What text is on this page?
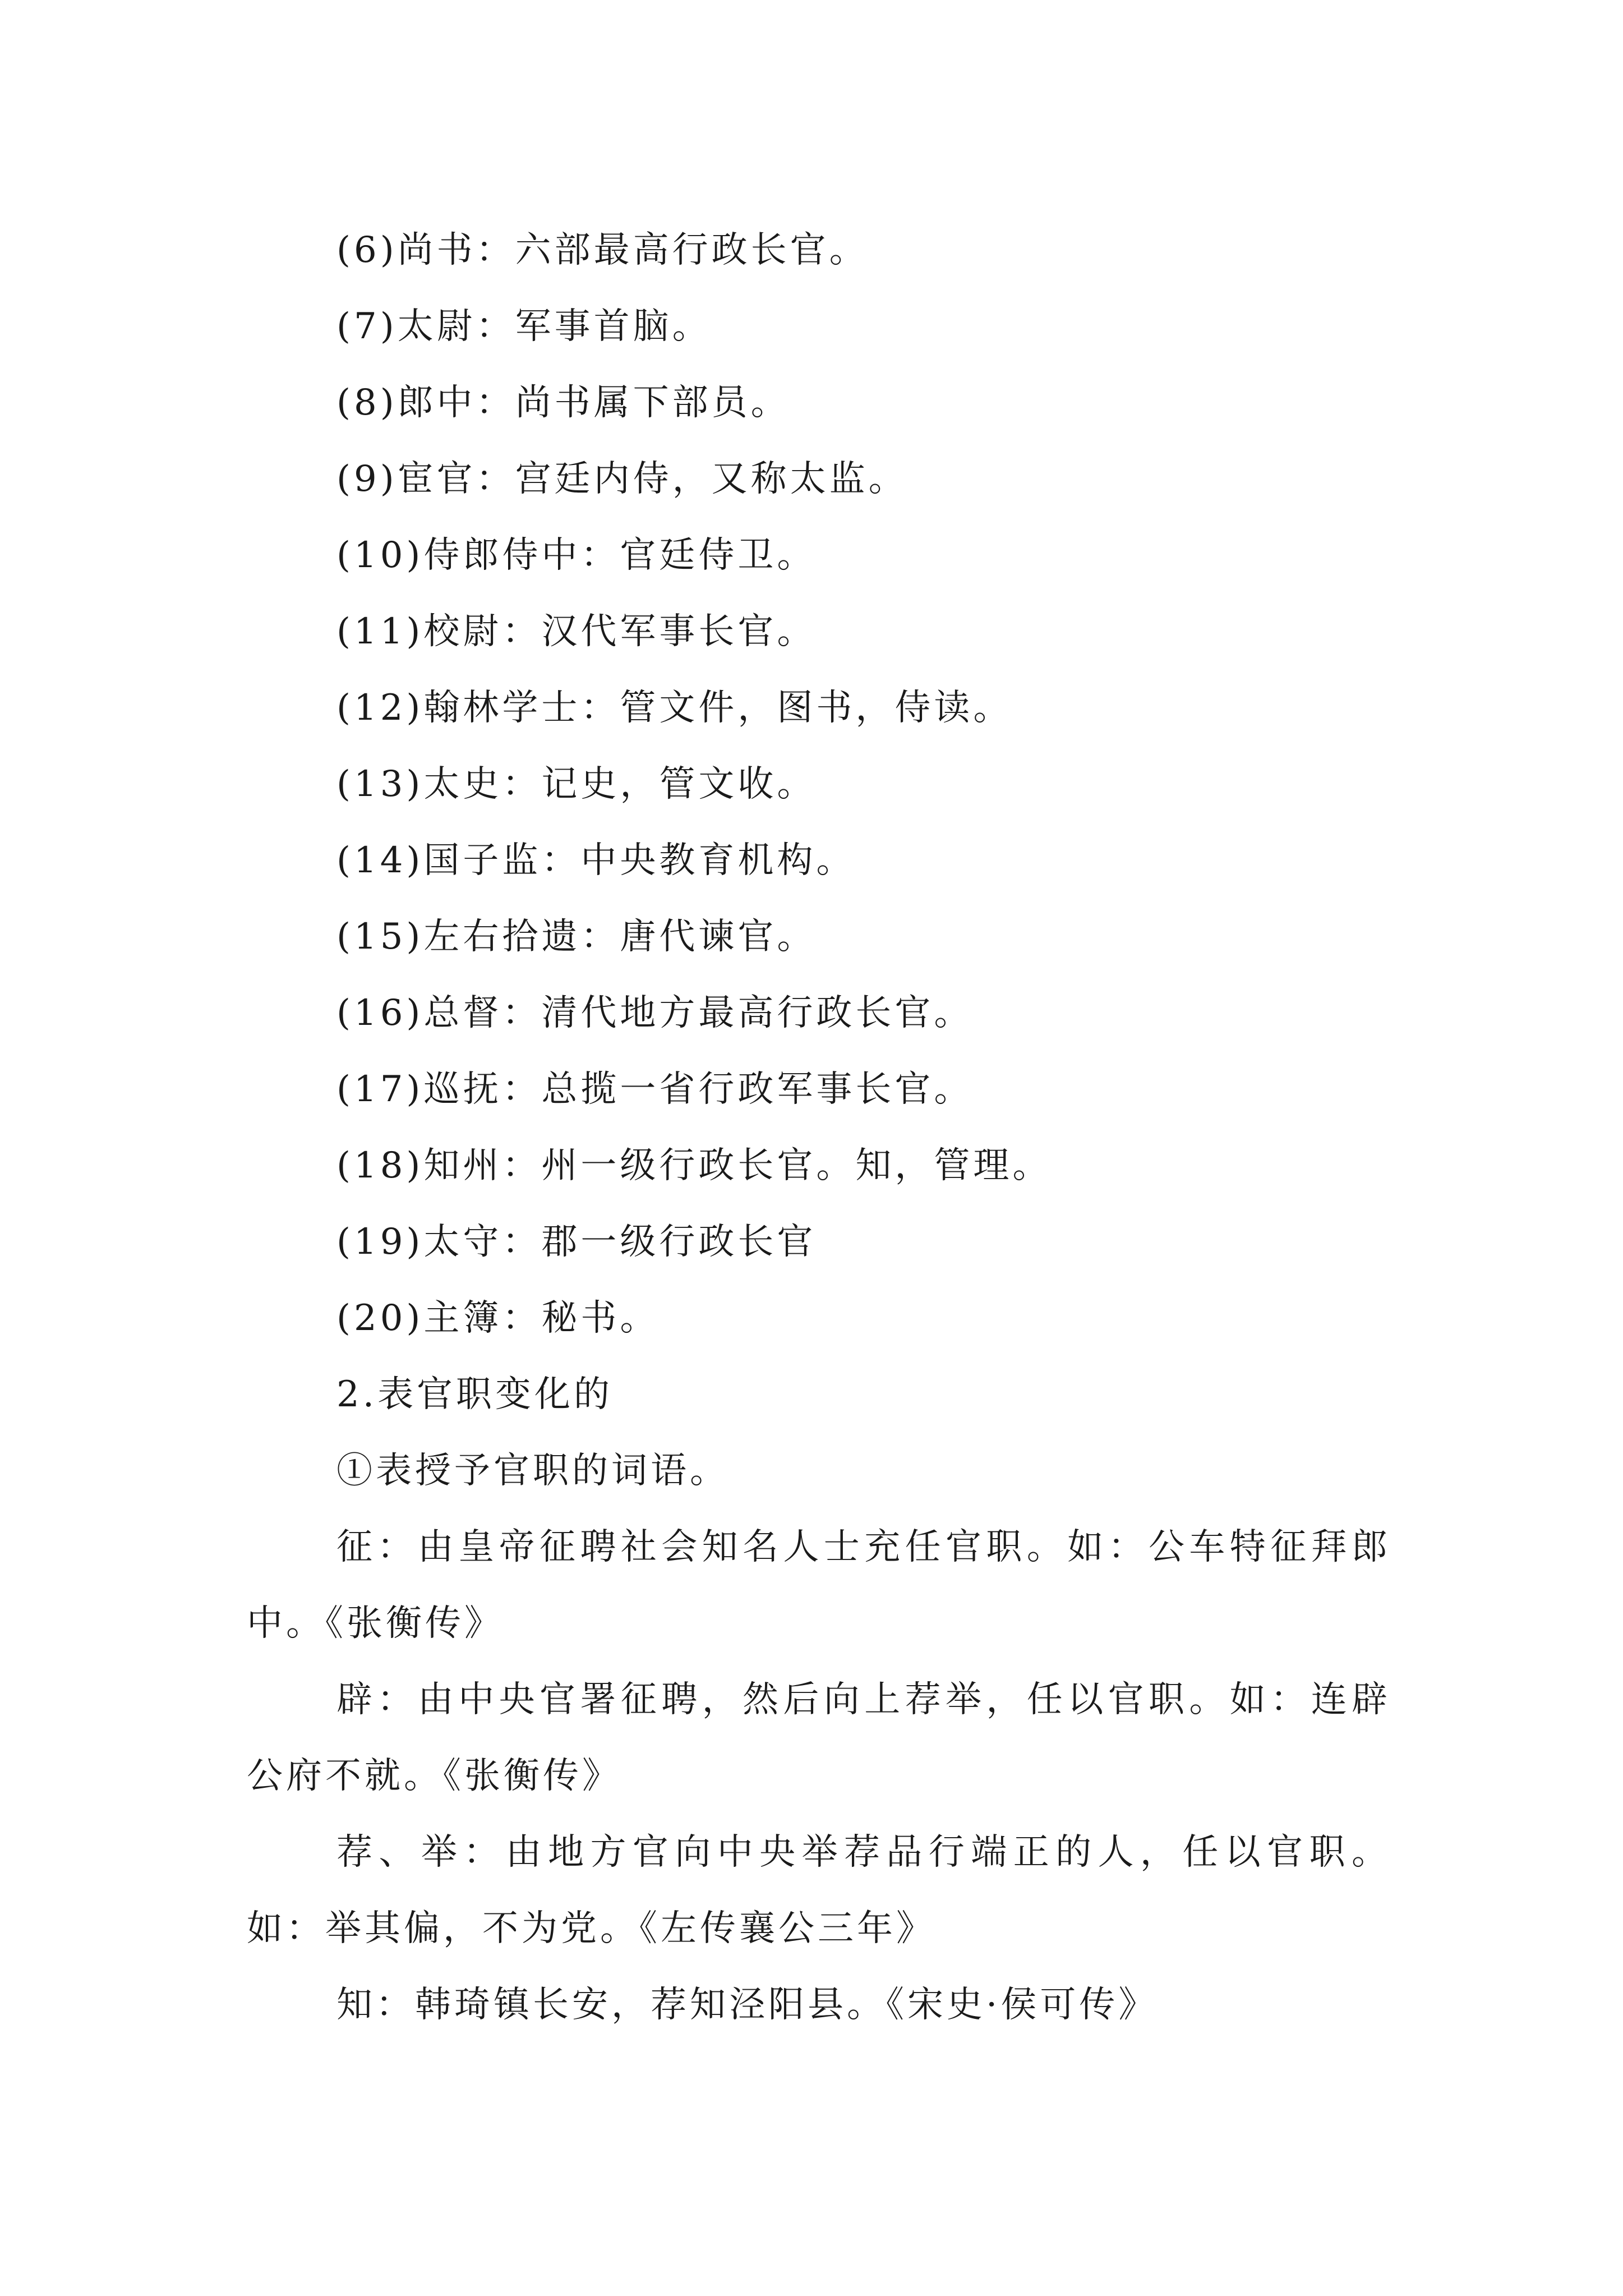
(6)尚书：六部最高行政长官。
(7)太尉：军事首脑。
(8)郎中：尚书属下部员。
(9)宦官：宫廷内侍，又称太监。
(10)侍郎侍中：官廷侍卫。
(11)校尉：汉代军事长官。
(12)翰林学士：管文件，图书，侍读。
(13)太史：记史，管文收。
(14)国子监：中央教育机构。
(15)左右拾遗：唐代谏官。
(16)总督：清代地方最高行政长官。
(17)巡抚：总揽一省行政军事长官。
(18)知州：州一级行政长官。知，管理。
(19)太守：郡一级行政长官
(20)主簿：秘书。
2.表官职变化的
①表授予官职的词语。

征：由皇帝征聘社会知名人士充任官职。如：公车特征拜郎中。《张衡传》

辟：由中央官署征聘，然后向上荐举，任以官职。如：连辟公府不就。《张衡传》

荐、举：由地方官向中央举荐品行端正的人，任以官职。如：举其偏，不为党。《左传襄公三年》

知：韩琦镇长安，荐知泾阳县。《宋史·侯可传》
